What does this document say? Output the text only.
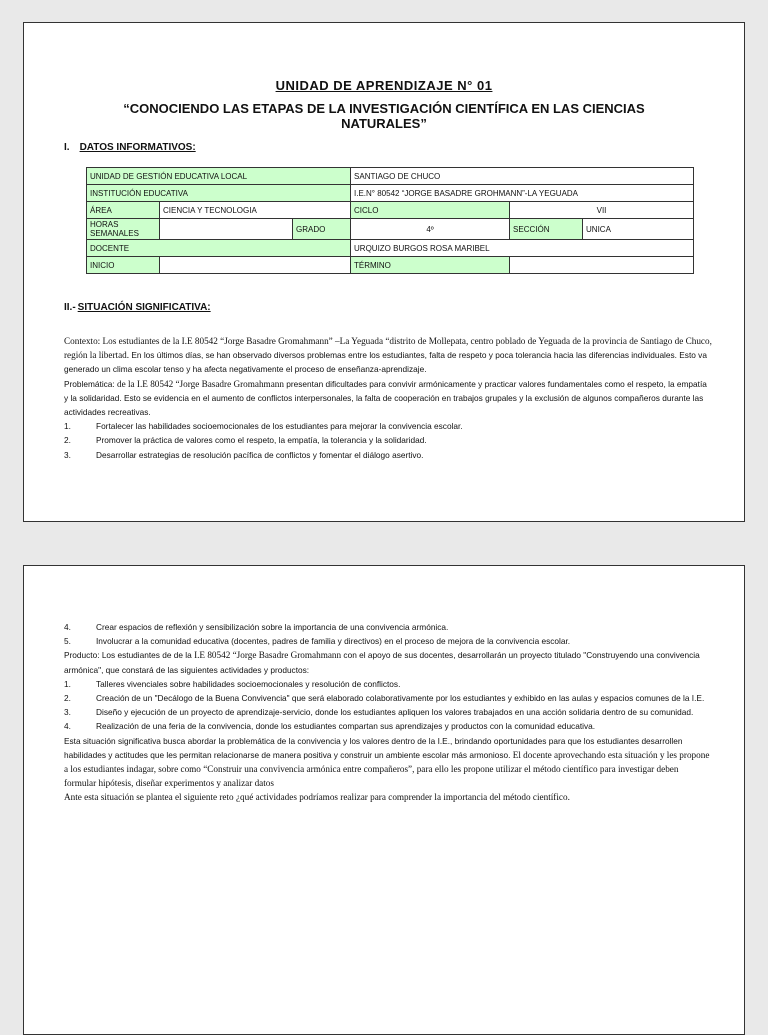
UNIDAD DE APRENDIZAJE N° 01
“CONOCIENDO LAS ETAPAS DE LA INVESTIGACIÓN CIENTÍFICA EN LAS CIENCIAS NATURALES”
I. DATOS INFORMATIVOS:
UNIDAD DE GESTIÓN EDUCATIVA LOCAL			SANTIAGO DE CHUCO		
INSTITUCIÓN EDUCATIVA			I.E.N° 80542 “JORGE BASADRE GROHMANN”-LA YEGUADA		
ÁREA	CIENCIA Y TECNOLOGIA		CICLO	VII	
HORAS SEMANALES		GRADO	4º	SECCIÓN	UNICA
DOCENTE			URQUIZO BURGOS ROSA MARIBEL		
INICIO			TÉRMINO		
II.- SITUACIÓN SIGNIFICATIVA:
Contexto: Los estudiantes de la I.E 80542 “Jorge Basadre Gromahmann” –La Yeguada “distrito de Mollepata, centro poblado de Yeguada de la provincia de Santiago de Chuco, región la libertad. En los últimos días, se han observado diversos problemas entre los estudiantes, falta de respeto y poca tolerancia hacia las diferencias individuales. Esto va generado un clima escolar tenso y ha afecta negativamente el proceso de enseñanza-aprendizaje.
Problemática: de la I.E 80542 “Jorge Basadre Gromahmann presentan dificultades para convivir armónicamente y practicar valores fundamentales como el respeto, la empatía y la solidaridad. Esto se evidencia en el aumento de conflictos interpersonales, la falta de cooperación en trabajos grupales y la exclusión de algunos compañeros durante las actividades recreativas.
1.	Fortalecer las habilidades socioemocionales de los estudiantes para mejorar la convivencia escolar.
2.	Promover la práctica de valores como el respeto, la empatía, la tolerancia y la solidaridad.
3.	Desarrollar estrategias de resolución pacífica de conflictos y fomentar el diálogo asertivo.
4.	Crear espacios de reflexión y sensibilización sobre la importancia de una convivencia armónica.
5.	Involucrar a la comunidad educativa (docentes, padres de familia y directivos) en el proceso de mejora de la convivencia escolar.
Producto: Los estudiantes de de la I.E 80542 “Jorge Basadre Gromahmann con el apoyo de sus docentes, desarrollarán un proyecto titulado "Construyendo una convivencia armónica", que constará de las siguientes actividades y productos:
1.	Talleres vivenciales sobre habilidades socioemocionales y resolución de conflictos.
2.	Creación de un "Decálogo de la Buena Convivencia" que será elaborado colaborativamente por los estudiantes y exhibido en las aulas y espacios comunes de la I.E.
3.	Diseño y ejecución de un proyecto de aprendizaje-servicio, donde los estudiantes apliquen los valores trabajados en una acción solidaria dentro de su comunidad.
4.	Realización de una feria de la convivencia, donde los estudiantes compartan sus aprendizajes y productos con la comunidad educativa.
Esta situación significativa busca abordar la problemática de la convivencia y los valores dentro de la I.E., brindando oportunidades para que los estudiantes desarrollen habilidades y actitudes que les permitan relacionarse de manera positiva y construir un ambiente escolar más armonioso. El docente aprovechando esta situación y les propone a los estudiantes indagar, sobre como “Construir una convivencia armónica entre compañeros”, para ello les propone utilizar el método científico para investigar deben formular hipótesis, diseñar experimentos y analizar datos
Ante esta situación se plantea el siguiente reto ¿qué actividades podríamos realizar para comprender la importancia del método científico.
